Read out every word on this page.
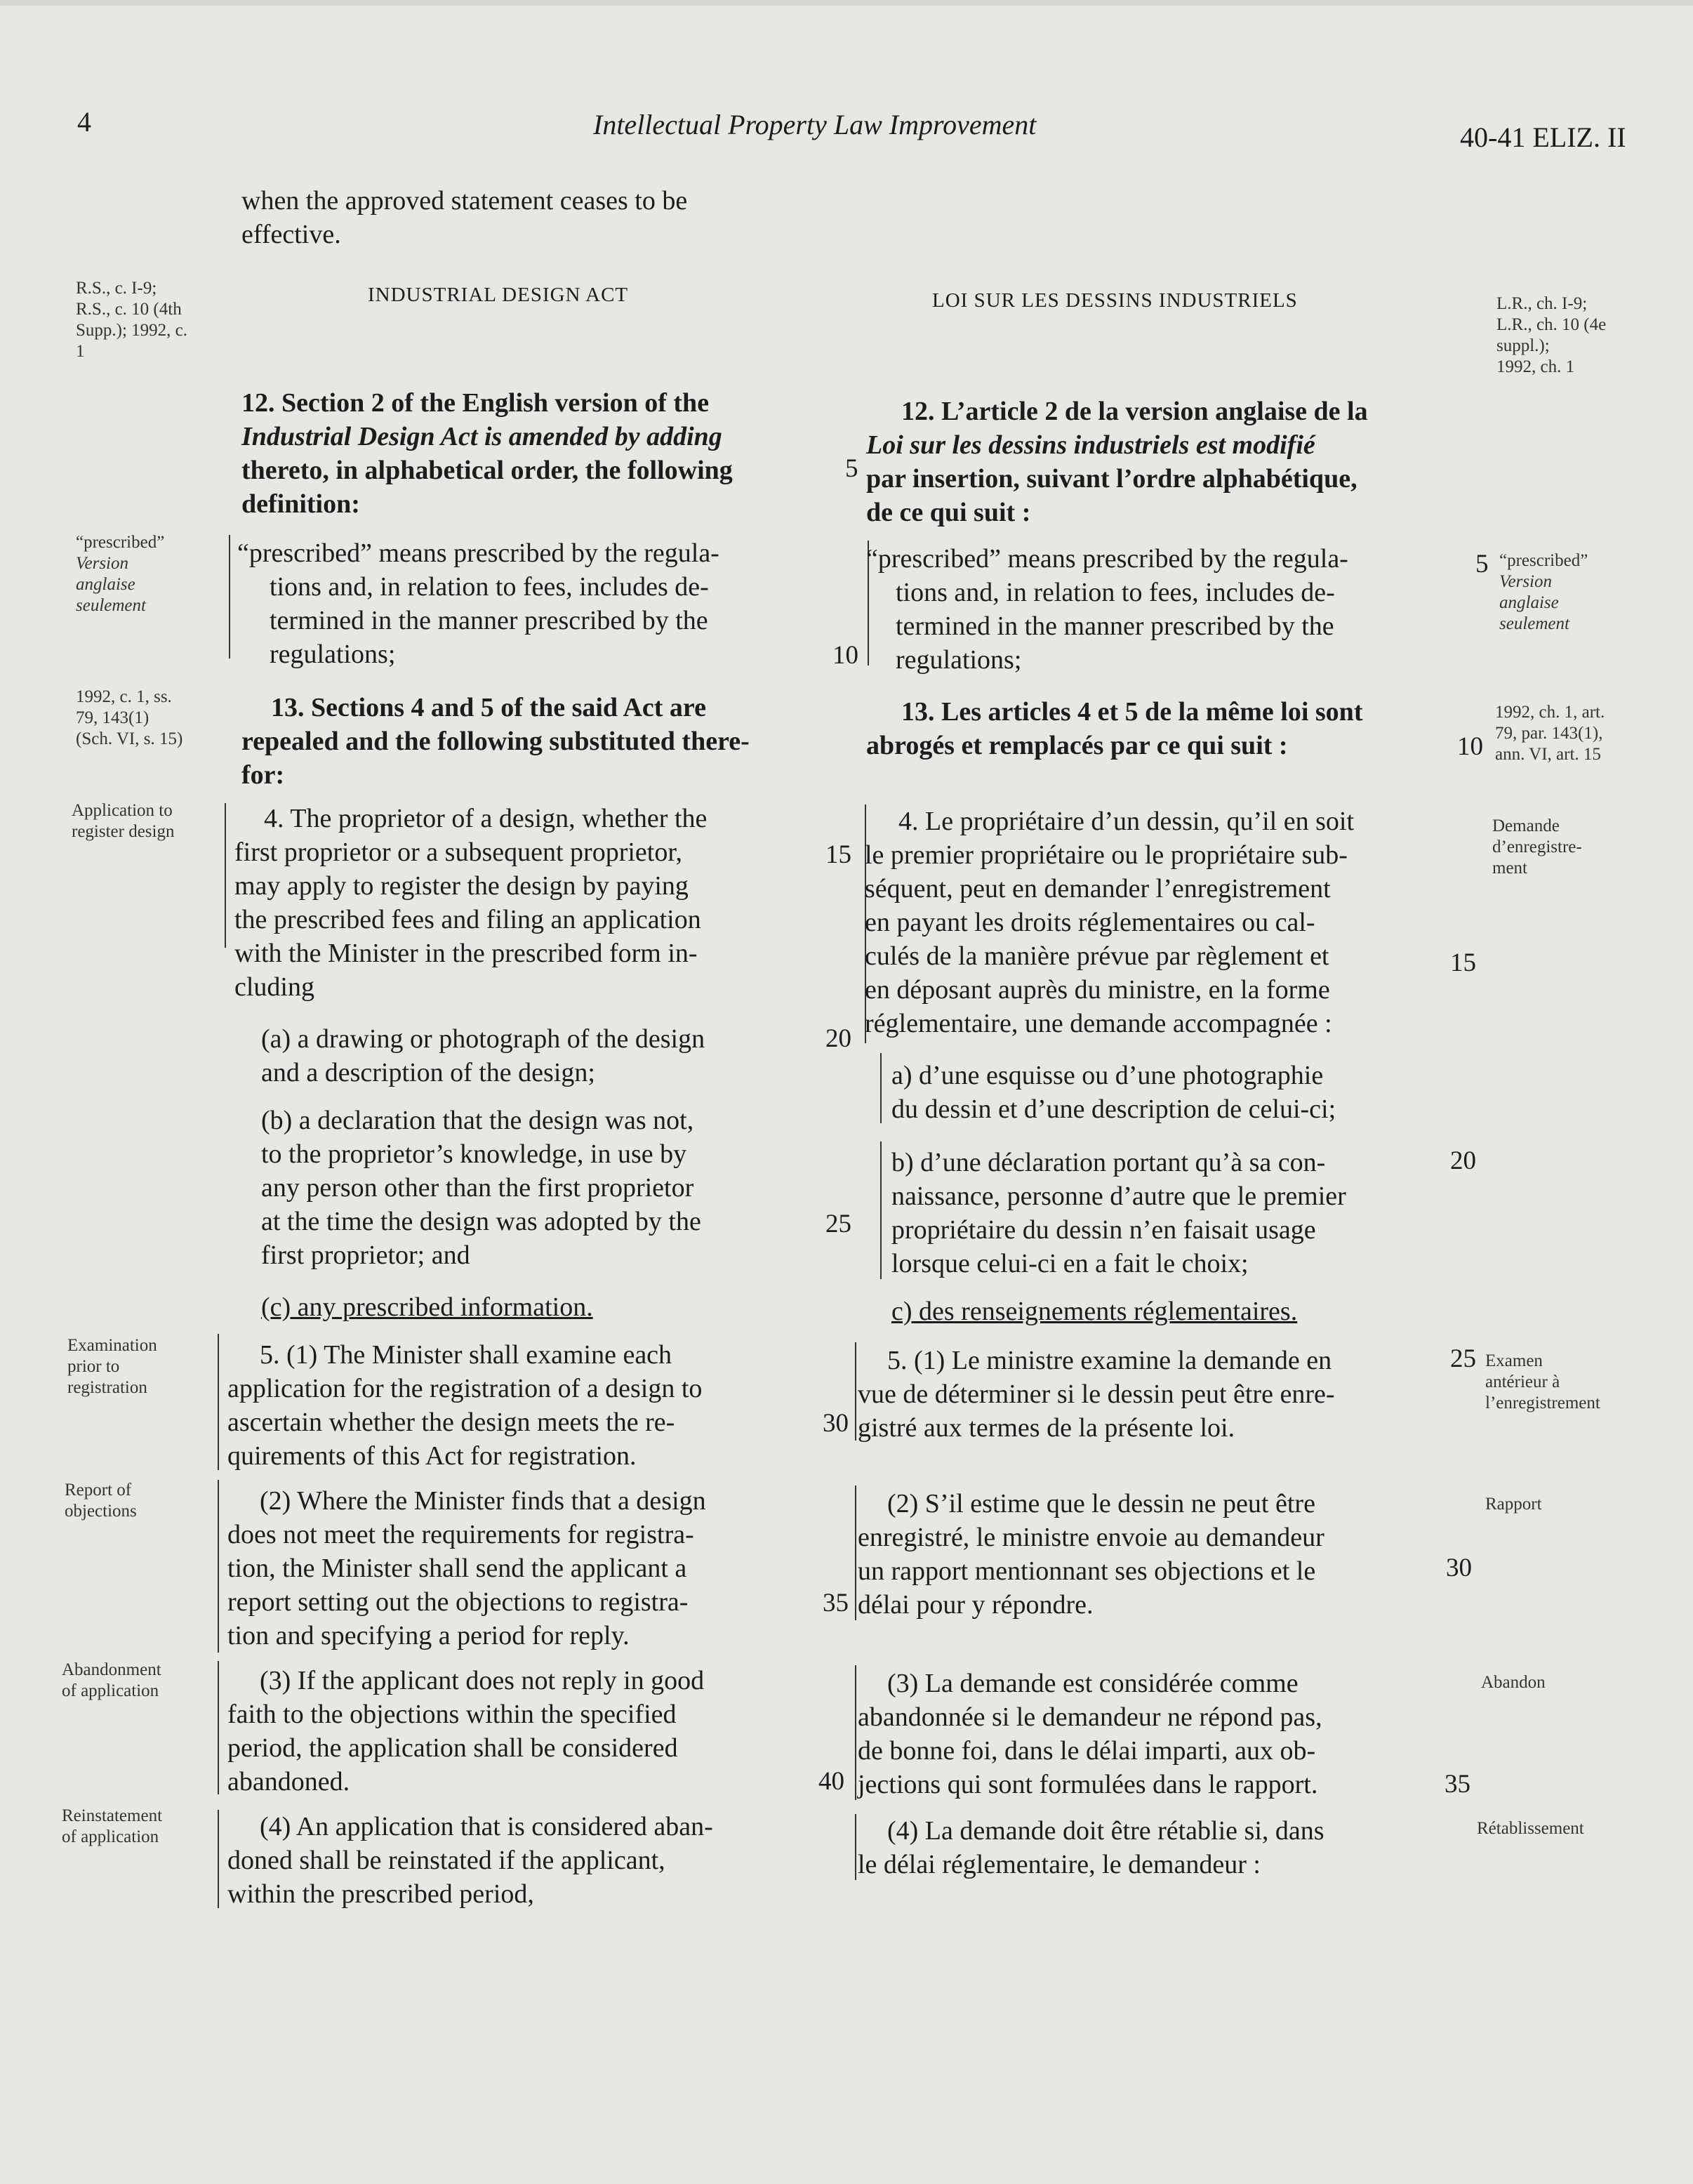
4	Intellectual Property Law Improvement	40-41 ELIZ. II
R.S., c. I-9;
R.S., c. 10 (4th
Supp.); 1992, c.
1
“prescribed”
Version
anglaise
seulement
1992, c. 1, ss.
79, 143(1)
(Sch. VI, s. 15)
Application to
register design
Examination
prior to
registration
Report of
objections
Abandonment
of application
Reinstatement
of application
L.R., ch. I-9;
L.R., ch. 10 (4e
suppl.);
1992, ch. 1
“prescribed”
Version
anglaise
seulement
1992, ch. 1, art.
79, par. 143(1),
ann. VI, art. 15
Demande
d’enregistre-
ment
Examen
antérieur à
l’enregistrement
Rapport
Abandon
Rétablissement
when the approved statement ceases to be
effective.
INDUSTRIAL DESIGN ACT
12. Section 2 of the English version of the
Industrial Design Act is amended by adding
thereto, in alphabetical order, the following
definition:
“prescribed” means prescribed by the regula-
tions and, in relation to fees, includes de-
termined in the manner prescribed by the
regulations;
13. Sections 4 and 5 of the said Act are
repealed and the following substituted there-
for:
4. The proprietor of a design, whether the
first proprietor or a subsequent proprietor,
may apply to register the design by paying
the prescribed fees and filing an application
with the Minister in the prescribed form in-
cluding
(a) a drawing or photograph of the design
and a description of the design;
(b) a declaration that the design was not,
to the proprietor’s knowledge, in use by
any person other than the first proprietor
at the time the design was adopted by the
first proprietor; and
(c) any prescribed information.
5. (1) The Minister shall examine each
application for the registration of a design to
ascertain whether the design meets the re-
quirements of this Act for registration.
(2) Where the Minister finds that a design
does not meet the requirements for registra-
tion, the Minister shall send the applicant a
report setting out the objections to registra-
tion and specifying a period for reply.
(3) If the applicant does not reply in good
faith to the objections within the specified
period, the application shall be considered
abandoned.
(4) An application that is considered aban-
doned shall be reinstated if the applicant,
within the prescribed period,
LOI SUR LES DESSINS INDUSTRIELS
12. L’article 2 de la version anglaise de la
Loi sur les dessins industriels est modifié
par insertion, suivant l’ordre alphabétique,
de ce qui suit :
“prescribed” means prescribed by the regula-
tions and, in relation to fees, includes de-
termined in the manner prescribed by the
regulations;
13. Les articles 4 et 5 de la même loi sont
abrogés et remplacés par ce qui suit :
4. Le propriétaire d’un dessin, qu’il en soit
le premier propriétaire ou le propriétaire sub-
séquent, peut en demander l’enregistrement
en payant les droits réglementaires ou cal-
culés de la manière prévue par règlement et
en déposant auprès du ministre, en la forme
réglementaire, une demande accompagnée :
a) d’une esquisse ou d’une photographie
du dessin et d’une description de celui-ci;
b) d’une déclaration portant qu’à sa con-
naissance, personne d’autre que le premier
propriétaire du dessin n’en faisait usage
lorsque celui-ci en a fait le choix;
c) des renseignements réglementaires.
5. (1) Le ministre examine la demande en
vue de déterminer si le dessin peut être enre-
gistré aux termes de la présente loi.
(2) S’il estime que le dessin ne peut être
enregistré, le ministre envoie au demandeur
un rapport mentionnant ses objections et le
délai pour y répondre.
(3) La demande est considérée comme
abandonnée si le demandeur ne répond pas,
de bonne foi, dans le délai imparti, aux ob-
jections qui sont formulées dans le rapport.
(4) La demande doit être rétablie si, dans
le délai réglementaire, le demandeur :
5
10
15
20
25
30
35
40
5
10
15
20
25
30
35
